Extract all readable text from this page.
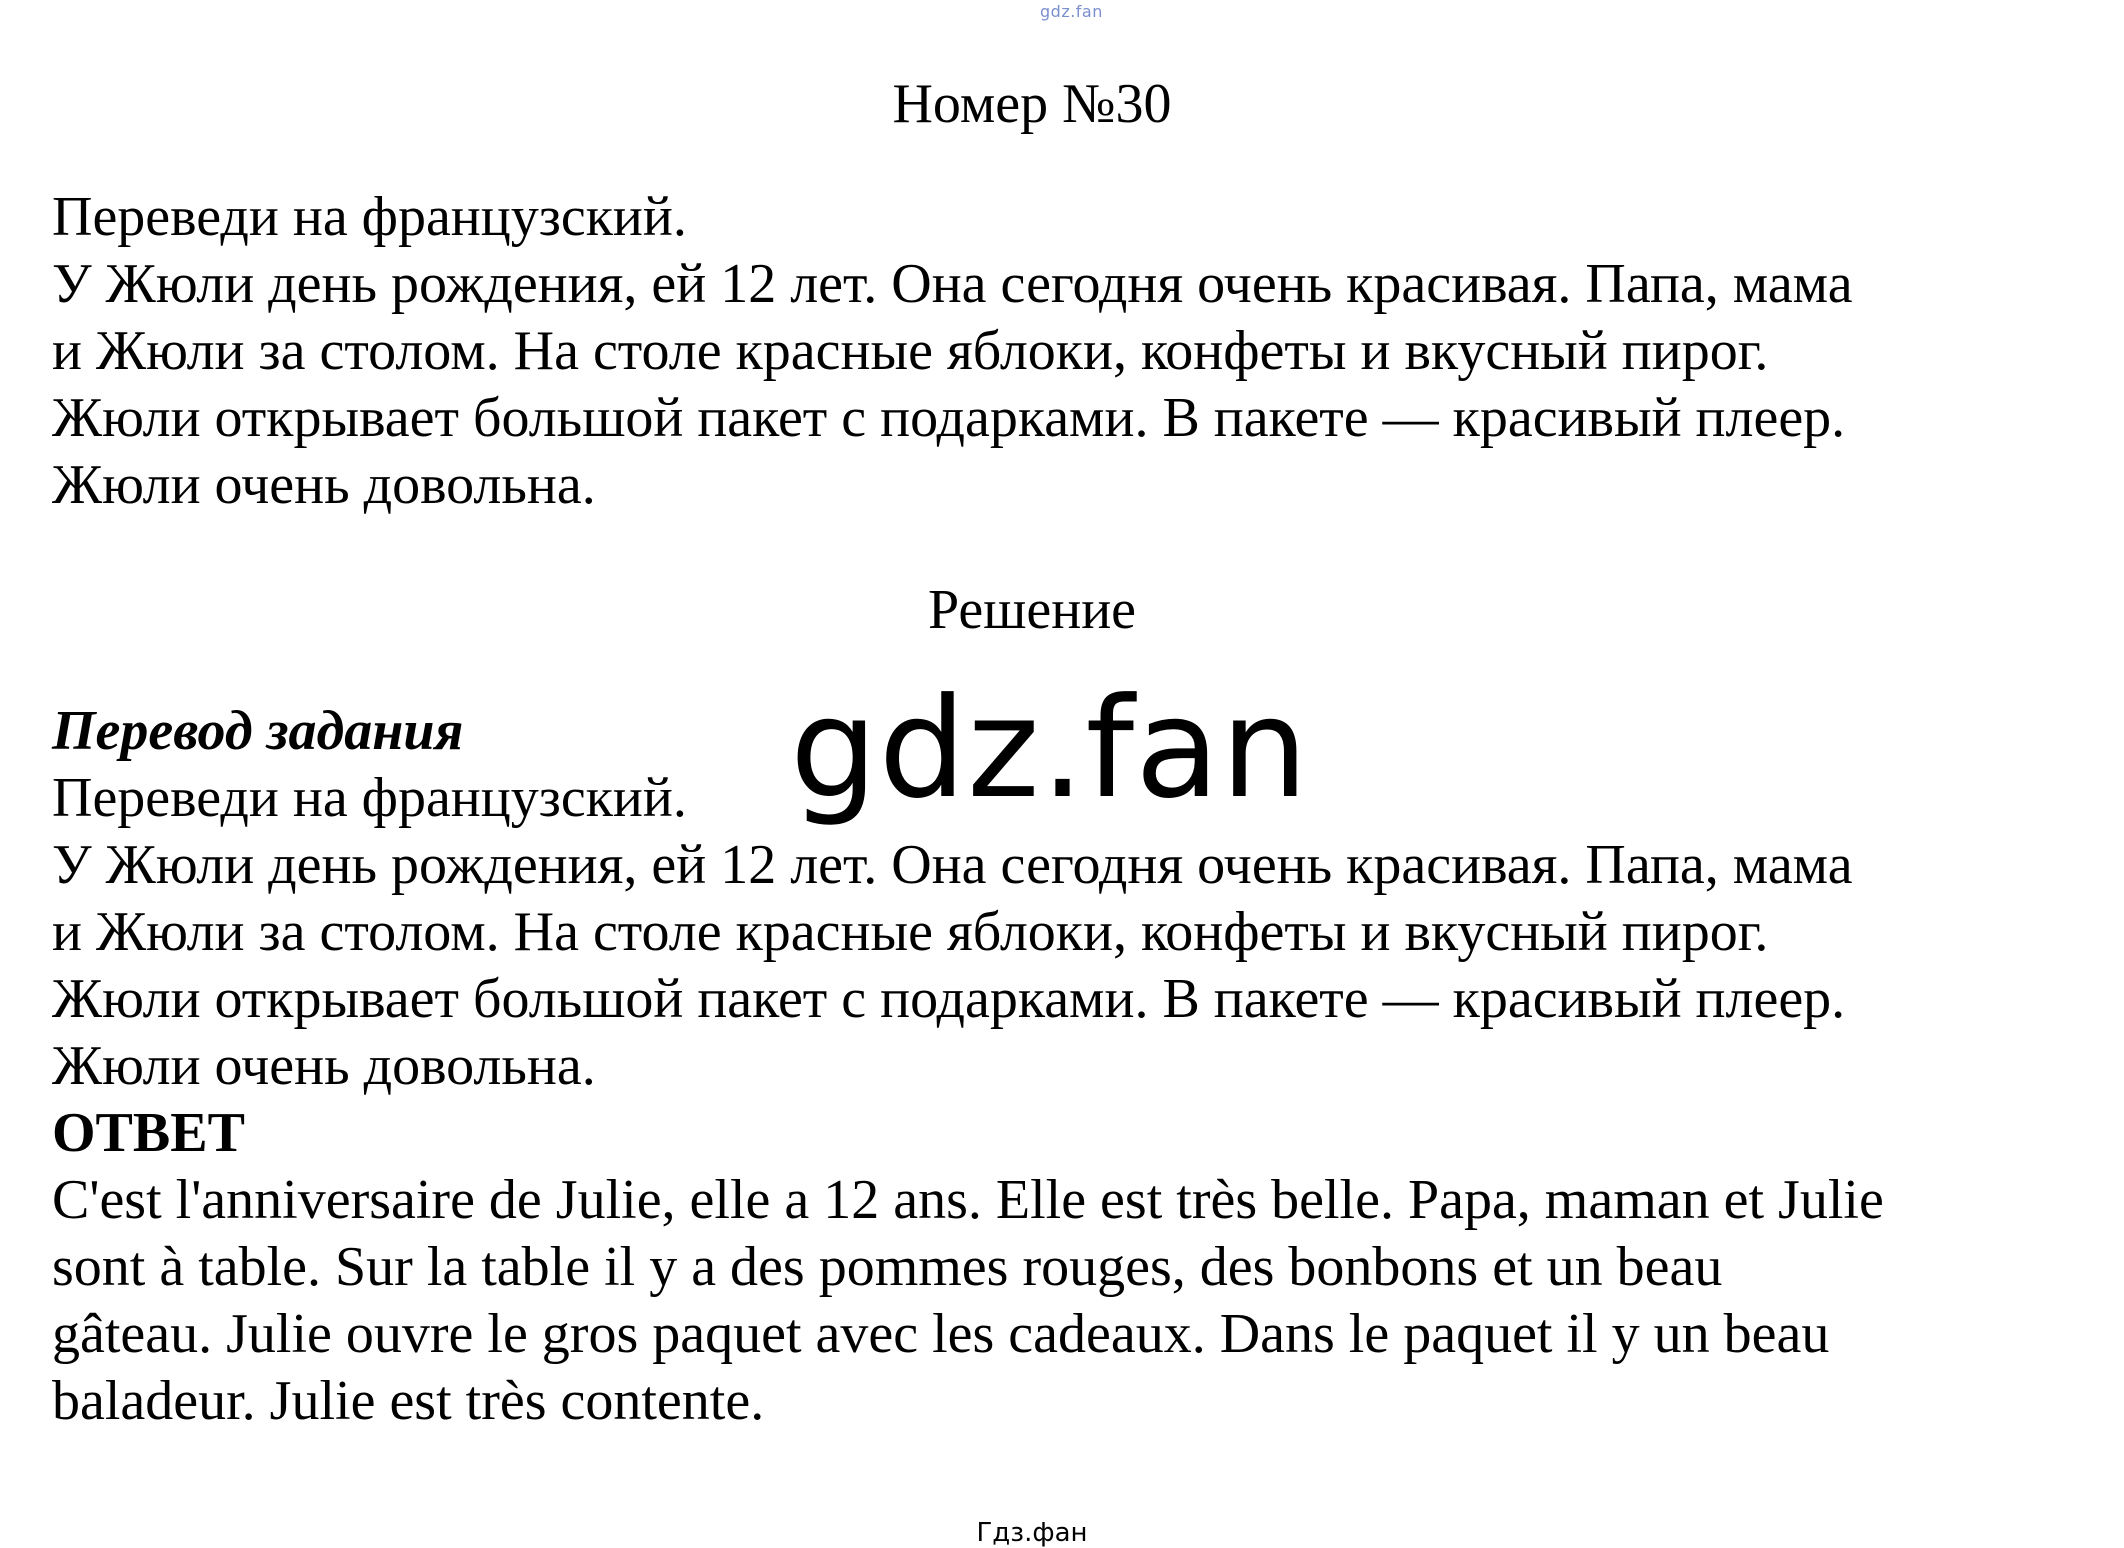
gdz.fan
Номер №30
Переведи на французский.
У Жюли день рождения, ей 12 лет. Она сегодня очень красивая. Папа, мама
и Жюли за столом. На столе красные яблоки, конфеты и вкусный пирог.
Жюли открывает большой пакет с подарками. В пакете — красивый плеер.
Жюли очень довольна.
Решение
Перевод задания
Переведи на французский.
У Жюли день рождения, ей 12 лет. Она сегодня очень красивая. Папа, мама
и Жюли за столом. На столе красные яблоки, конфеты и вкусный пирог.
Жюли открывает большой пакет с подарками. В пакете — красивый плеер.
Жюли очень довольна.
ОТВЕТ
C'est l'anniversaire de Julie, elle a 12 ans. Elle est très belle. Papa, maman et Julie
sont à table. Sur la table il y a des pommes rouges, des bonbons et un beau
gâteau. Julie ouvre le gros paquet avec les cadeaux. Dans le paquet il y un beau
baladeur. Julie est très contente.
gdz.fan
Гдз.фан
